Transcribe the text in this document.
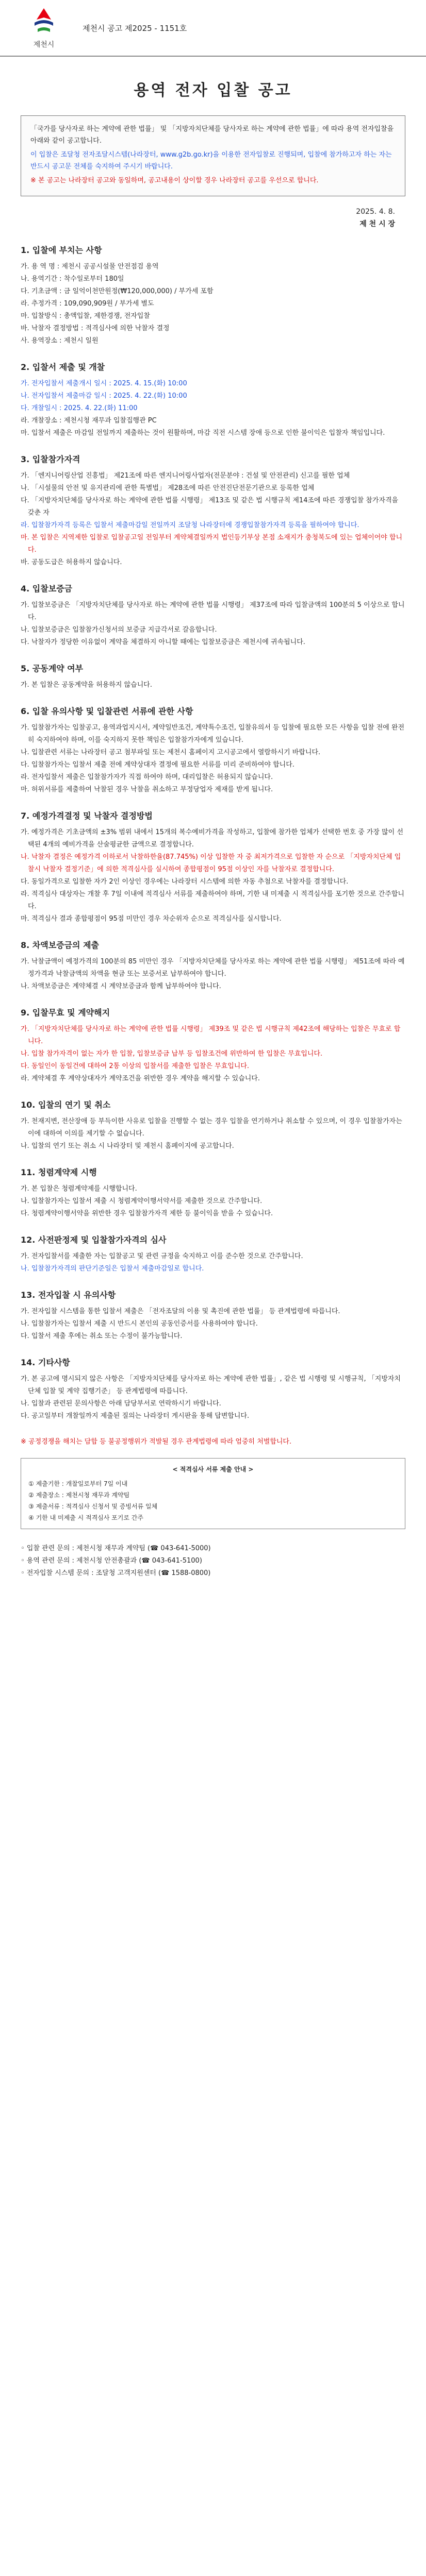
제천시
제천시 공고 제2025 - 1151호
용역 전자 입찰 공고

「국가를 당사자로 하는 계약에 관한 법률」 및 「지방자치단체를 당사자로 하는 계약에 관한 법률」에 따라 용역 전자입찰을 아래와 같이 공고합니다.

이 입찰은 조달청 전자조달시스템(나라장터, www.g2b.go.kr)을 이용한 전자입찰로 진행되며, 입찰에 참가하고자 하는 자는 반드시 공고문 전체를 숙지하여 주시기 바랍니다.

※ 본 공고는 나라장터 공고와 동일하며, 공고내용이 상이할 경우 나라장터 공고를 우선으로 합니다.

2025. 4. 8.
제 천 시 장
1. 입찰에 부치는 사항

가. 용 역 명 : 제천시 공공시설물 안전점검 용역

나. 용역기간 : 착수일로부터 180일

다. 기초금액 : 금 일억이천만원정(₩120,000,000) / 부가세 포함

라. 추정가격 : 109,090,909원 / 부가세 별도

마. 입찰방식 : 총액입찰, 제한경쟁, 전자입찰

바. 낙찰자 결정방법 : 적격심사에 의한 낙찰자 결정

사. 용역장소 : 제천시 일원

2. 입찰서 제출 및 개찰

가. 전자입찰서 제출개시 일시 : 2025. 4. 15.(화) 10:00

나. 전자입찰서 제출마감 일시 : 2025. 4. 22.(화) 10:00

다. 개찰일시 : 2025. 4. 22.(화) 11:00

라. 개찰장소 : 제천시청 재무과 입찰집행관 PC

마. 입찰서 제출은 마감일 전일까지 제출하는 것이 원활하며, 마감 직전 시스템 장애 등으로 인한 불이익은 입찰자 책임입니다.

3. 입찰참가자격

가. 「엔지니어링산업 진흥법」 제21조에 따른 엔지니어링사업자(전문분야 : 건설 및 안전관리) 신고를 필한 업체

나. 「시설물의 안전 및 유지관리에 관한 특별법」 제28조에 따른 안전진단전문기관으로 등록한 업체

다. 「지방자치단체를 당사자로 하는 계약에 관한 법률 시행령」 제13조 및 같은 법 시행규칙 제14조에 따른 경쟁입찰 참가자격을 갖춘 자

라. 입찰참가자격 등록은 입찰서 제출마감일 전일까지 조달청 나라장터에 경쟁입찰참가자격 등록을 필하여야 합니다.

마. 본 입찰은 지역제한 입찰로 입찰공고일 전일부터 계약체결일까지 법인등기부상 본점 소재지가 충청북도에 있는 업체이어야 합니다.

바. 공동도급은 허용하지 않습니다.

4. 입찰보증금

가. 입찰보증금은 「지방자치단체를 당사자로 하는 계약에 관한 법률 시행령」 제37조에 따라 입찰금액의 100분의 5 이상으로 합니다.

나. 입찰보증금은 입찰참가신청서의 보증금 지급각서로 갈음합니다.

다. 낙찰자가 정당한 이유없이 계약을 체결하지 아니할 때에는 입찰보증금은 제천시에 귀속됩니다.

5. 공동계약 여부

가. 본 입찰은 공동계약을 허용하지 않습니다.

6. 입찰 유의사항 및 입찰관련 서류에 관한 사항

가. 입찰참가자는 입찰공고, 용역과업지시서, 계약일반조건, 계약특수조건, 입찰유의서 등 입찰에 필요한 모든 사항을 입찰 전에 완전히 숙지하여야 하며, 이를 숙지하지 못한 책임은 입찰참가자에게 있습니다.

나. 입찰관련 서류는 나라장터 공고 첨부파일 또는 제천시 홈페이지 고시공고에서 열람하시기 바랍니다.

다. 입찰참가자는 입찰서 제출 전에 계약상대자 결정에 필요한 서류를 미리 준비하여야 합니다.

라. 전자입찰서 제출은 입찰참가자가 직접 하여야 하며, 대리입찰은 허용되지 않습니다.

마. 허위서류를 제출하여 낙찰된 경우 낙찰을 취소하고 부정당업자 제재를 받게 됩니다.

7. 예정가격결정 및 낙찰자 결정방법

가. 예정가격은 기초금액의 ±3% 범위 내에서 15개의 복수예비가격을 작성하고, 입찰에 참가한 업체가 선택한 번호 중 가장 많이 선택된 4개의 예비가격을 산술평균한 금액으로 결정합니다.

나. 낙찰자 결정은 예정가격 이하로서 낙찰하한율(87.745%) 이상 입찰한 자 중 최저가격으로 입찰한 자 순으로 「지방자치단체 입찰시 낙찰자 결정기준」에 의한 적격심사를 실시하여 종합평점이 95점 이상인 자를 낙찰자로 결정합니다.

다. 동일가격으로 입찰한 자가 2인 이상인 경우에는 나라장터 시스템에 의한 자동 추첨으로 낙찰자를 결정합니다.

라. 적격심사 대상자는 개찰 후 7일 이내에 적격심사 서류를 제출하여야 하며, 기한 내 미제출 시 적격심사를 포기한 것으로 간주합니다.

마. 적격심사 결과 종합평점이 95점 미만인 경우 차순위자 순으로 적격심사를 실시합니다.

8. 차액보증금의 제출

가. 낙찰금액이 예정가격의 100분의 85 미만인 경우 「지방자치단체를 당사자로 하는 계약에 관한 법률 시행령」 제51조에 따라 예정가격과 낙찰금액의 차액을 현금 또는 보증서로 납부하여야 합니다.

나. 차액보증금은 계약체결 시 계약보증금과 함께 납부하여야 합니다.

9. 입찰무효 및 계약해지

가. 「지방자치단체를 당사자로 하는 계약에 관한 법률 시행령」 제39조 및 같은 법 시행규칙 제42조에 해당하는 입찰은 무효로 합니다.

나. 입찰 참가자격이 없는 자가 한 입찰, 입찰보증금 납부 등 입찰조건에 위반하여 한 입찰은 무효입니다.

다. 동일인이 동일건에 대하여 2통 이상의 입찰서를 제출한 입찰은 무효입니다.

라. 계약체결 후 계약상대자가 계약조건을 위반한 경우 계약을 해지할 수 있습니다.

10. 입찰의 연기 및 취소

가. 천재지변, 전산장애 등 부득이한 사유로 입찰을 진행할 수 없는 경우 입찰을 연기하거나 취소할 수 있으며, 이 경우 입찰참가자는 이에 대하여 이의를 제기할 수 없습니다.

나. 입찰의 연기 또는 취소 시 나라장터 및 제천시 홈페이지에 공고합니다.

11. 청렴계약제 시행

가. 본 입찰은 청렴계약제를 시행합니다.

나. 입찰참가자는 입찰서 제출 시 청렴계약이행서약서를 제출한 것으로 간주합니다.

다. 청렴계약이행서약을 위반한 경우 입찰참가자격 제한 등 불이익을 받을 수 있습니다.

12. 사전판정제 및 입찰참가자격의 심사

가. 전자입찰서를 제출한 자는 입찰공고 및 관련 규정을 숙지하고 이를 준수한 것으로 간주합니다.

나. 입찰참가자격의 판단기준일은 입찰서 제출마감일로 합니다.

13. 전자입찰 시 유의사항

가. 전자입찰 시스템을 통한 입찰서 제출은 「전자조달의 이용 및 촉진에 관한 법률」 등 관계법령에 따릅니다.

나. 입찰참가자는 입찰서 제출 시 반드시 본인의 공동인증서를 사용하여야 합니다.

다. 입찰서 제출 후에는 취소 또는 수정이 불가능합니다.

14. 기타사항

가. 본 공고에 명시되지 않은 사항은 「지방자치단체를 당사자로 하는 계약에 관한 법률」, 같은 법 시행령 및 시행규칙, 「지방자치단체 입찰 및 계약 집행기준」 등 관계법령에 따릅니다.

나. 입찰과 관련된 문의사항은 아래 담당부서로 연락하시기 바랍니다.

다. 공고일부터 개찰일까지 제출된 질의는 나라장터 게시판을 통해 답변합니다.

※ 공정경쟁을 해치는 담합 등 불공정행위가 적발될 경우 관계법령에 따라 엄중히 처벌합니다.
< 적격심사 서류 제출 안내 >
① 제출기한 : 개찰일로부터 7일 이내
② 제출장소 : 제천시청 재무과 계약팀
③ 제출서류 : 적격심사 신청서 및 증빙서류 일체
④ 기한 내 미제출 시 적격심사 포기로 간주
◦ 입찰 관련 문의 : 제천시청 재무과 계약팀 (☎ 043-641-5000)
◦ 용역 관련 문의 : 제천시청 안전총괄과 (☎ 043-641-5100)
◦ 전자입찰 시스템 문의 : 조달청 고객지원센터 (☎ 1588-0800)
